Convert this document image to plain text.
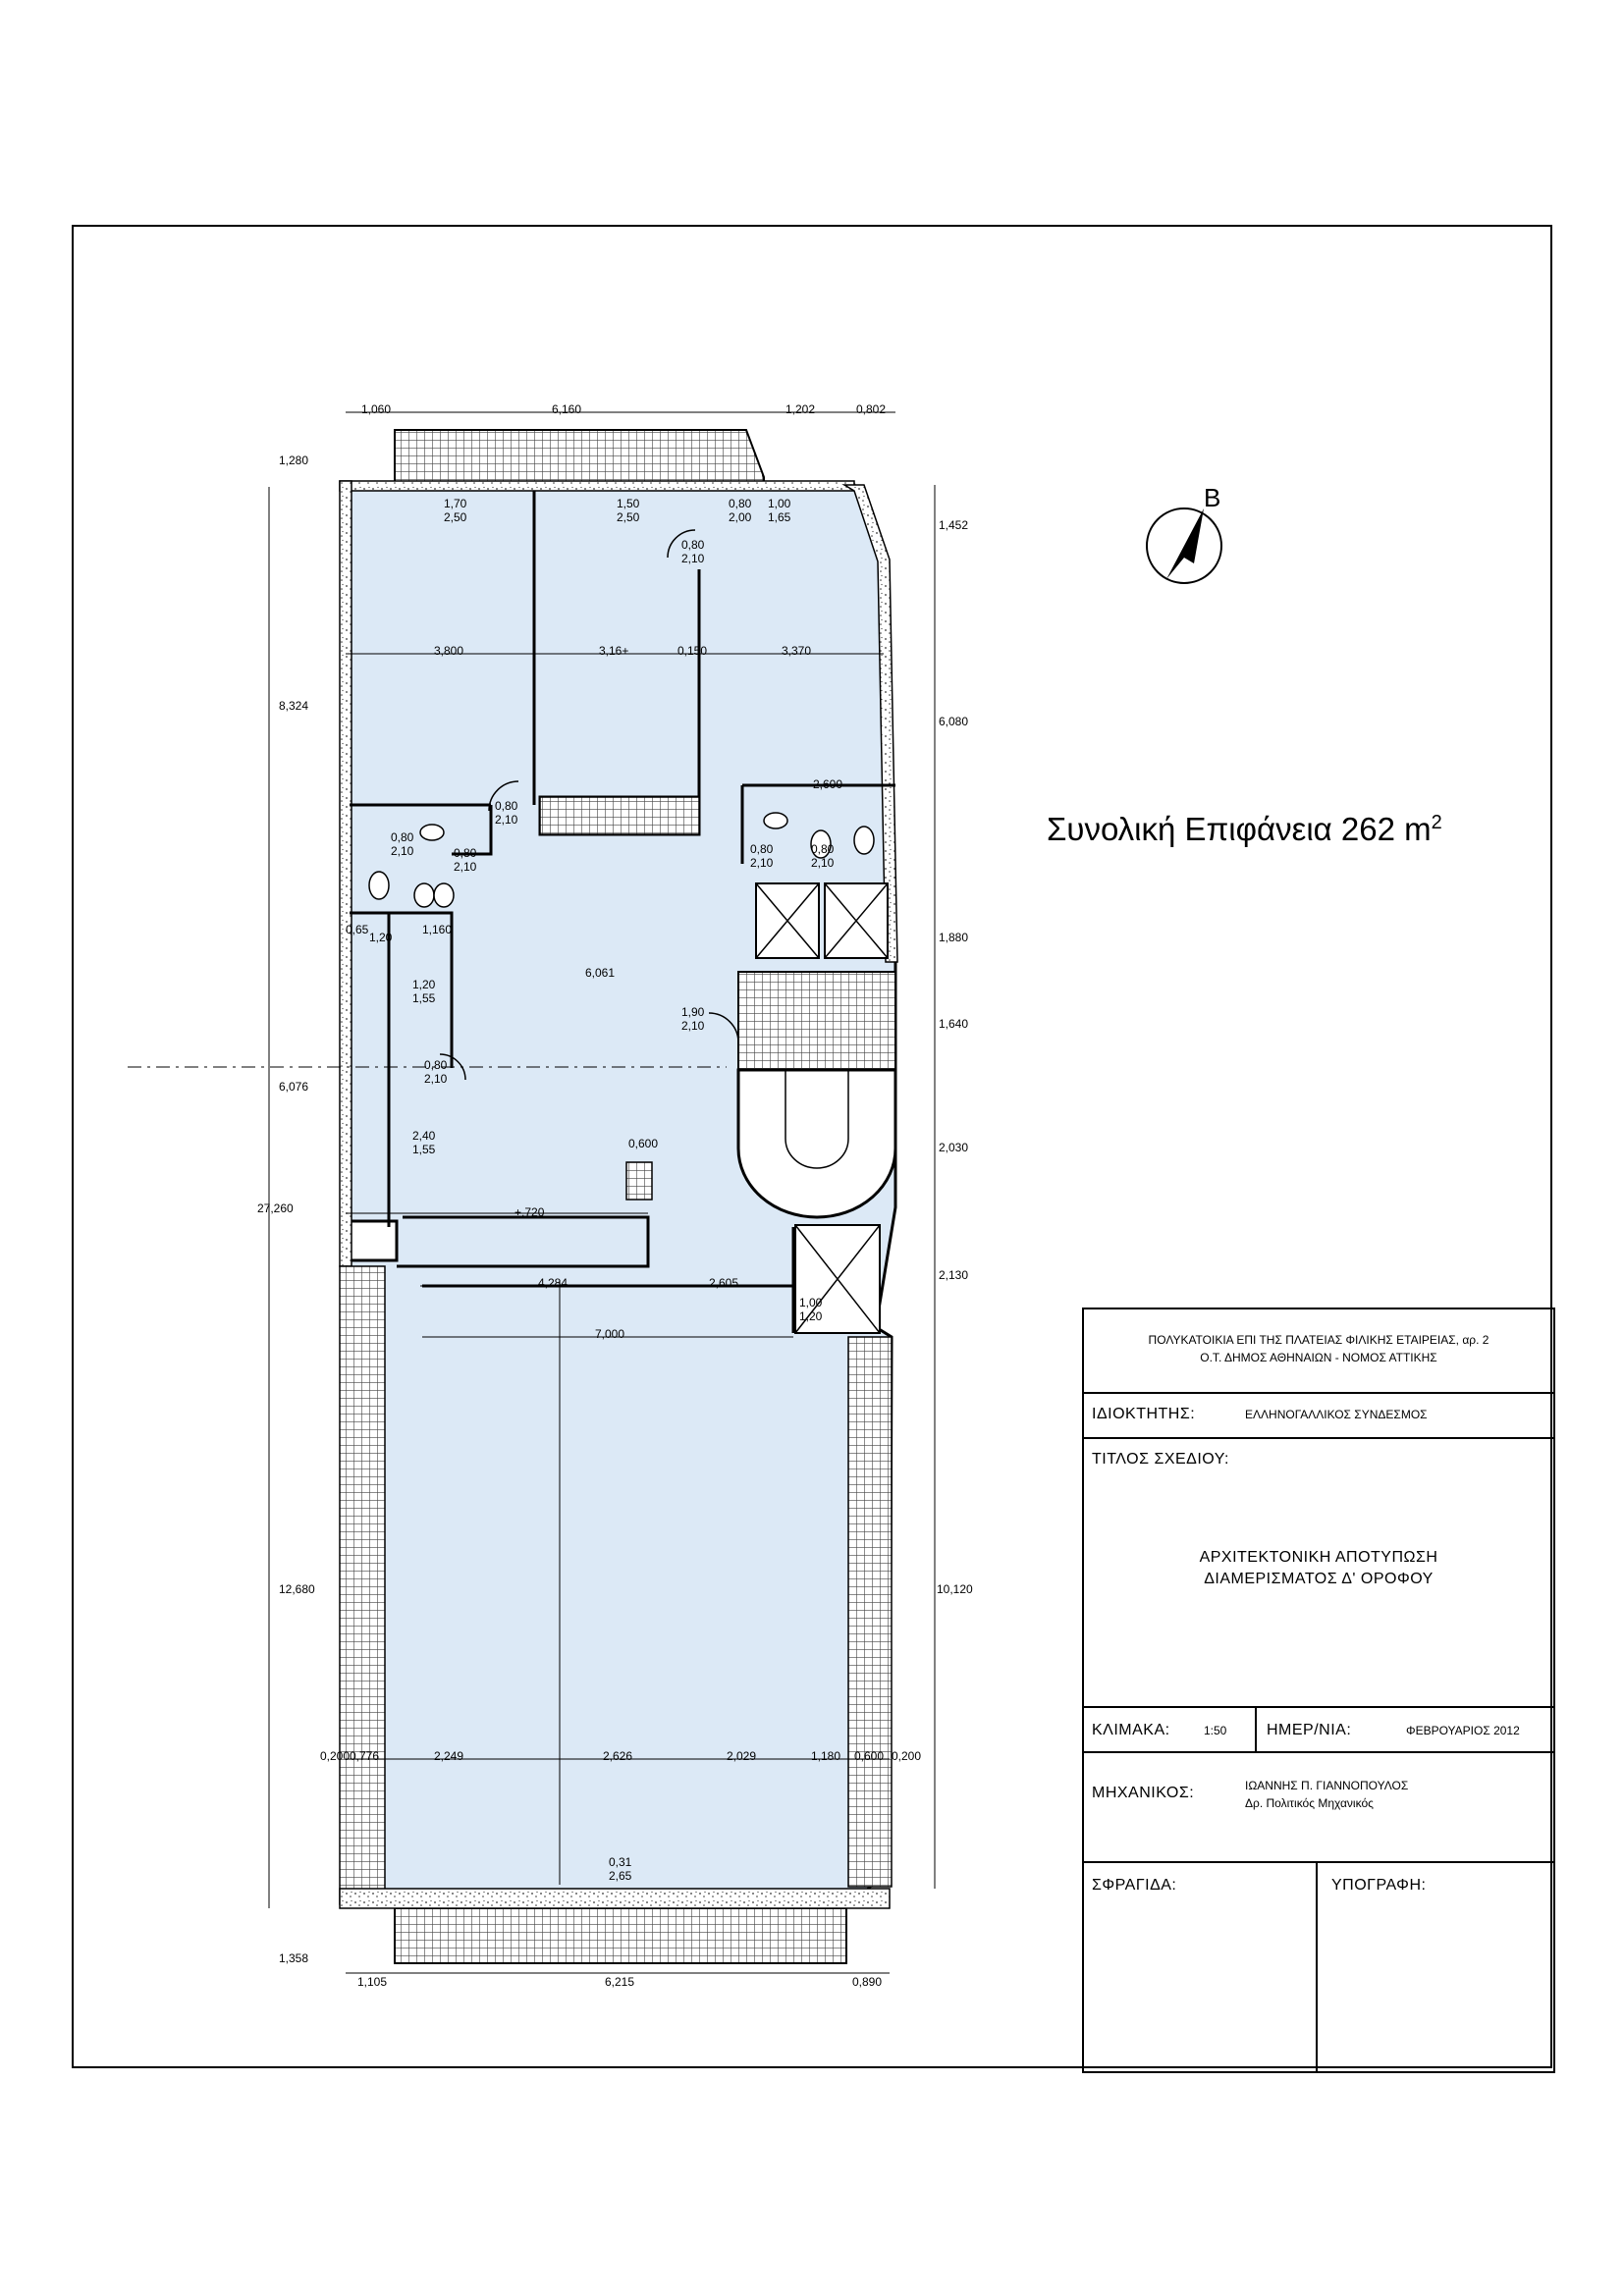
1,060	6,160	1,202	0,802
3,800	3,16+	0,150	3,370
2,600
1,160
6,061
+,720
0,600
4,284	2,605
7,000
0,200 0,776	2,249	2,626	2,029	1,180 0,600 0,200
1,105	6,215	0,890
1,280
8,324
6,076
27,260
12,680
1,358
1,452
6,080
1,880
1,640
2,030
2,130
10,120
1,70
2,50
1,50
2,50
0,80
2,00
1,00
1,65
0,80
2,10
0,80
2,10
0,80
2,10	0,80
2,10
0,80
2,10
0,80
2,10
0,65
1,20
1,20
1,55
0,80
2,10
2,40
1,55
1,90
2,10
1,00
1,20
0,31
2,65
Συνολική Επιφάνεια 262 $m^2$
B
ΠΟΛΥΚΑΤΟΙΚΙΑ ΕΠΙ ΤΗΣ ΠΛΑΤΕΙΑΣ ΦΙΛΙΚΗΣ ΕΤΑΙΡΕΙΑΣ, αρ. 2
Ο.Τ. ΔΗΜΟΣ ΑΘΗΝΑΙΩΝ - ΝΟΜΟΣ ΑΤΤΙΚΗΣ
ΙΔΙΟΚΤΗΤΗΣ:	ΕΛΛΗΝΟΓΑΛΛΙΚΟΣ ΣΥΝΔΕΣΜΟΣ
ΤΙΤΛΟΣ ΣΧΕΔΙΟΥ:
ΑΡΧΙΤΕΚΤΟΝΙΚΗ ΑΠΟΤΥΠΩΣΗ
ΔΙΑΜΕΡΙΣΜΑΤΟΣ Δ' ΟΡΟΦΟΥ
ΚΛΙΜΑΚΑ:	1:50	ΗΜΕΡ/ΝΙΑ:	ΦΕΒΡΟΥΑΡΙΟΣ 2012
ΜΗΧΑΝΙΚΟΣ:	ΙΩΑΝΝΗΣ Π. ΓΙΑΝΝΟΠΟΥΛΟΣ
Δρ. Πολιτικός Μηχανικός
ΣΦΡΑΓΙΔΑ:	ΥΠΟΓΡΑΦΗ:
